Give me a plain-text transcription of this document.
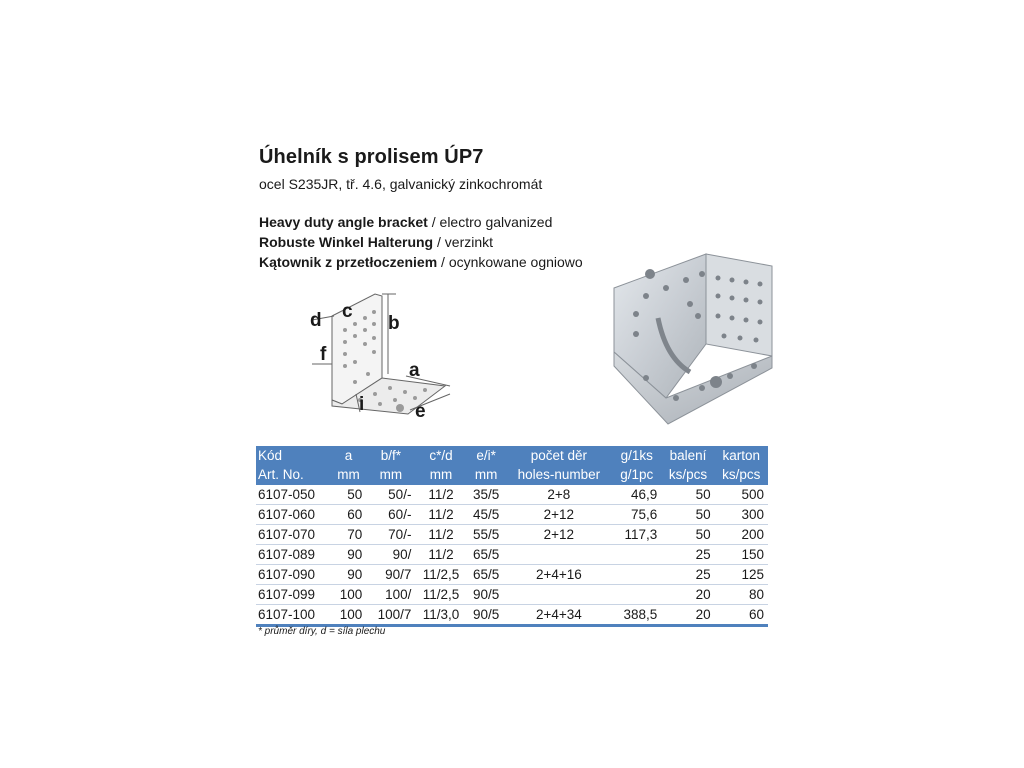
Úhelník s prolisem ÚP7
ocel S235JR, tř. 4.6, galvanický zinkochromát
Heavy duty angle bracket / electro galvanized
Robuste Winkel Halterung / verzinkt
Kątownik z przetłoczeniem / ocynkowane ogniowo
d c
b
f
a
i	e
Kód	a	b/f*	c*/d	e/i*	počet děr	g/1ks	balení	karton
Art. No.	mm	mm	mm	mm	holes-number	g/1pc	ks/pcs	ks/pcs
6107-050	50	50/-	11/2	35/5	2+8	46,9	50	500
6107-060	60	60/-	11/2	45/5	2+12	75,6	50	300
6107-070	70	70/-	11/2	55/5	2+12	117,3	50	200
6107-089	90	90/	11/2	65/5			25	150
6107-090	90	90/7	11/2,5	65/5	2+4+16		25	125
6107-099	100	100/	11/2,5	90/5			20	80
6107-100	100	100/7	11/3,0	90/5	2+4+34	388,5	20	60
* průměr díry, d = síla plechu
